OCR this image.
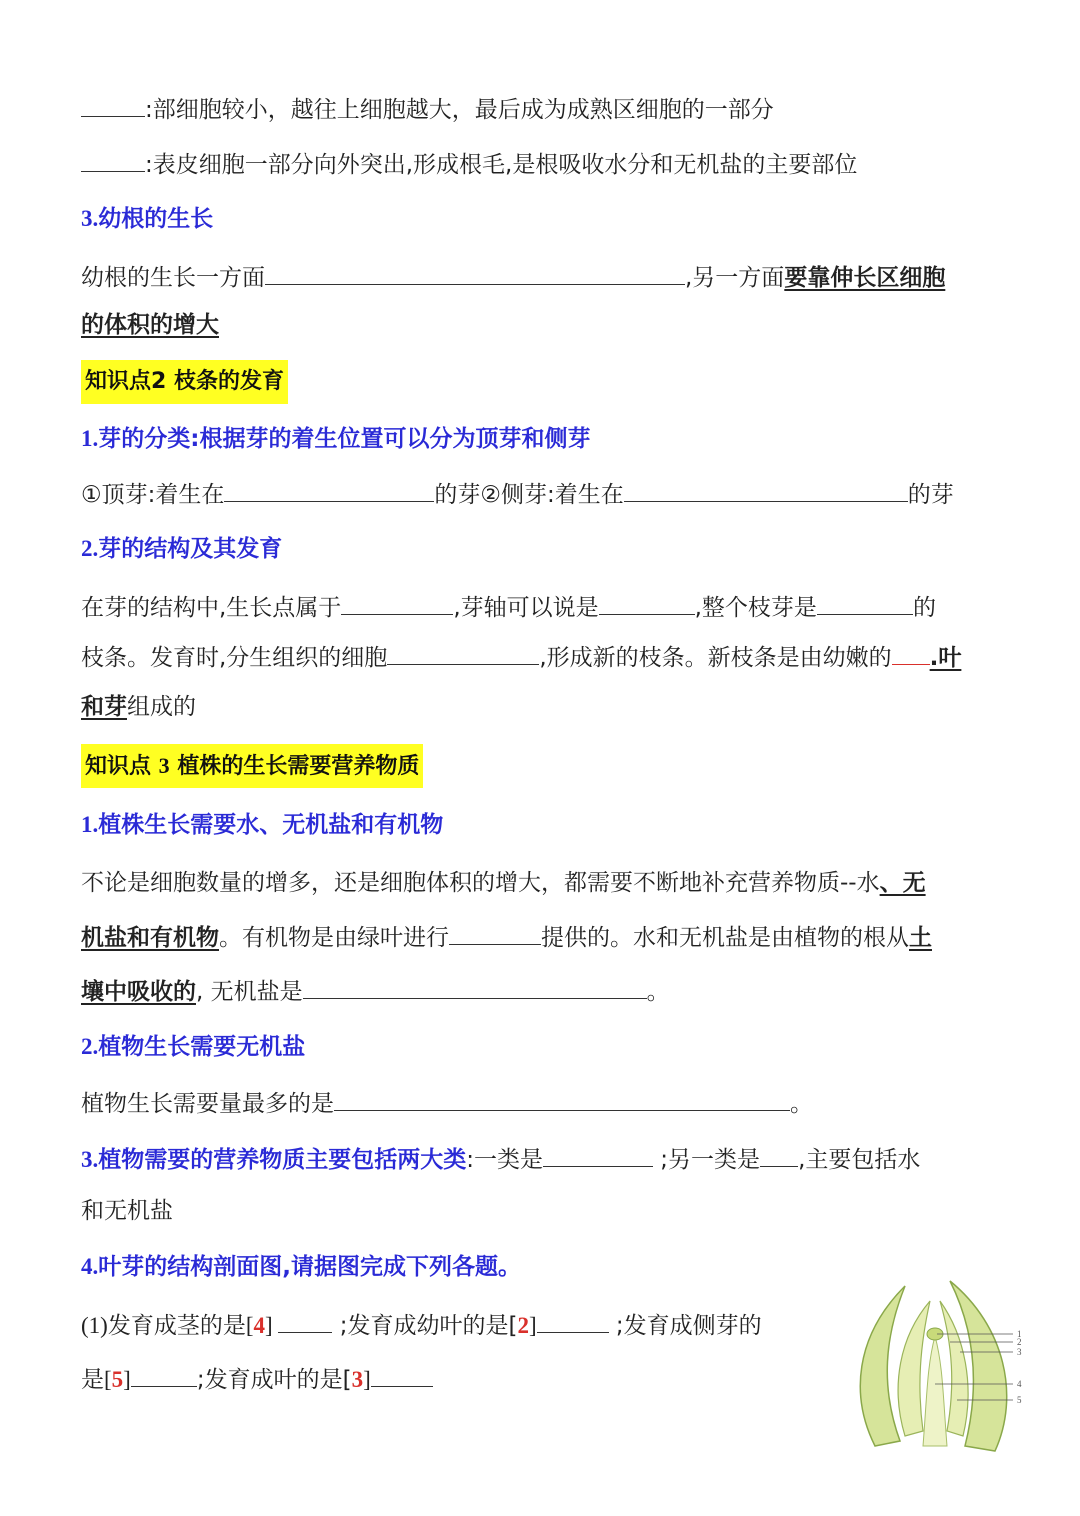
:部细胞较小，越往上细胞越大，最后成为成熟区细胞的一部分
:表皮细胞一部分向外突出,形成根毛,是根吸收水分和无机盐的主要部位
3.幼根的生长
幼根的生长一方面	,另一方面要靠伸长区细胞
的体积的增大
知识点2 枝条的发育
1.芽的分类:根据芽的着生位置可以分为顶芽和侧芽
①顶芽:着生在	的芽②侧芽:着生在	的芽
2.芽的结构及其发育
在芽的结构中,生长点属于	,芽轴可以说是	,整个枝芽是	的
枝条。发育时,分生组织的细胞	,形成新的枝条。新枝条是由幼嫩的 .叶
和芽组成的
知识点 3 植株的生长需要营养物质
1.植株生长需要水、无机盐和有机物
不论是细胞数量的增多，还是细胞体积的增大，都需要不断地补充营养物质--水、无
机盐和有机物。有机物是由绿叶进行	提供的。水和无机盐是由植物的根从土
壤中吸收的, 无机盐是	。
2.植物生长需要无机盐
植物生长需要量最多的是	。
3.植物需要的营养物质主要包括两大类:一类是	;另一类是 ,主要包括水
和无机盐
4.叶芽的结构剖面图,请据图完成下列各题。
(1)发育成茎的是[4]  ;发育成幼叶的是[2]	;发育成侧芽的
是[5]	;发育成叶的是[3]
1
2
3
4
5
